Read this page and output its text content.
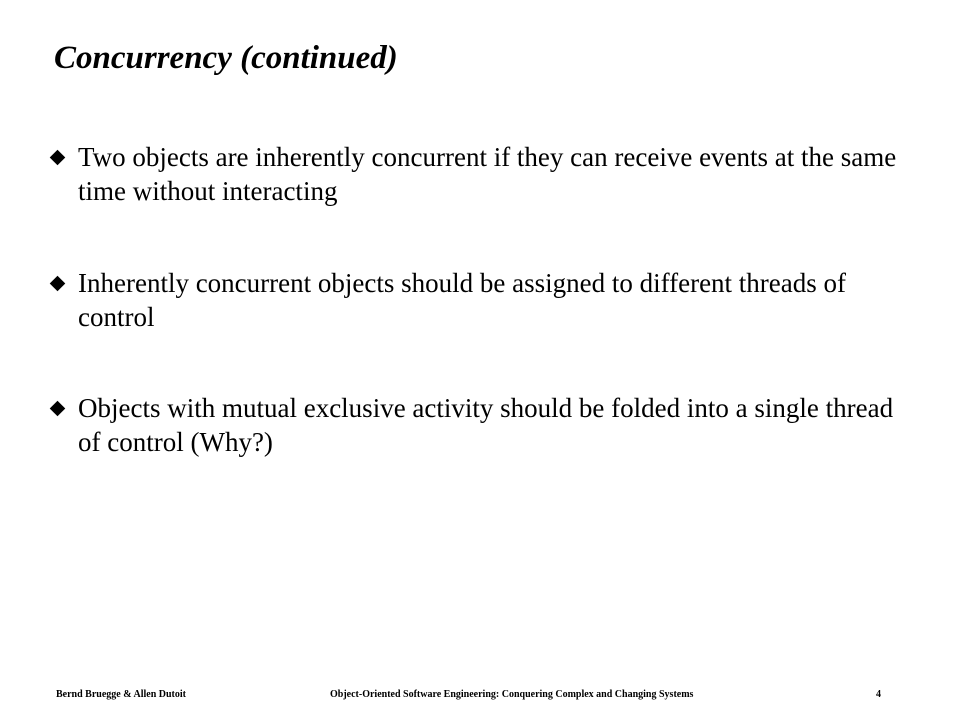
Concurrency (continued)
Two objects are inherently concurrent if they can receive events at the same time without interacting
Inherently concurrent objects should be assigned to different threads of control
Objects with mutual exclusive activity should be folded into a single thread of control (Why?)
Bernd Bruegge & Allen Dutoit	Object-Oriented Software Engineering: Conquering Complex and Changing Systems	4
